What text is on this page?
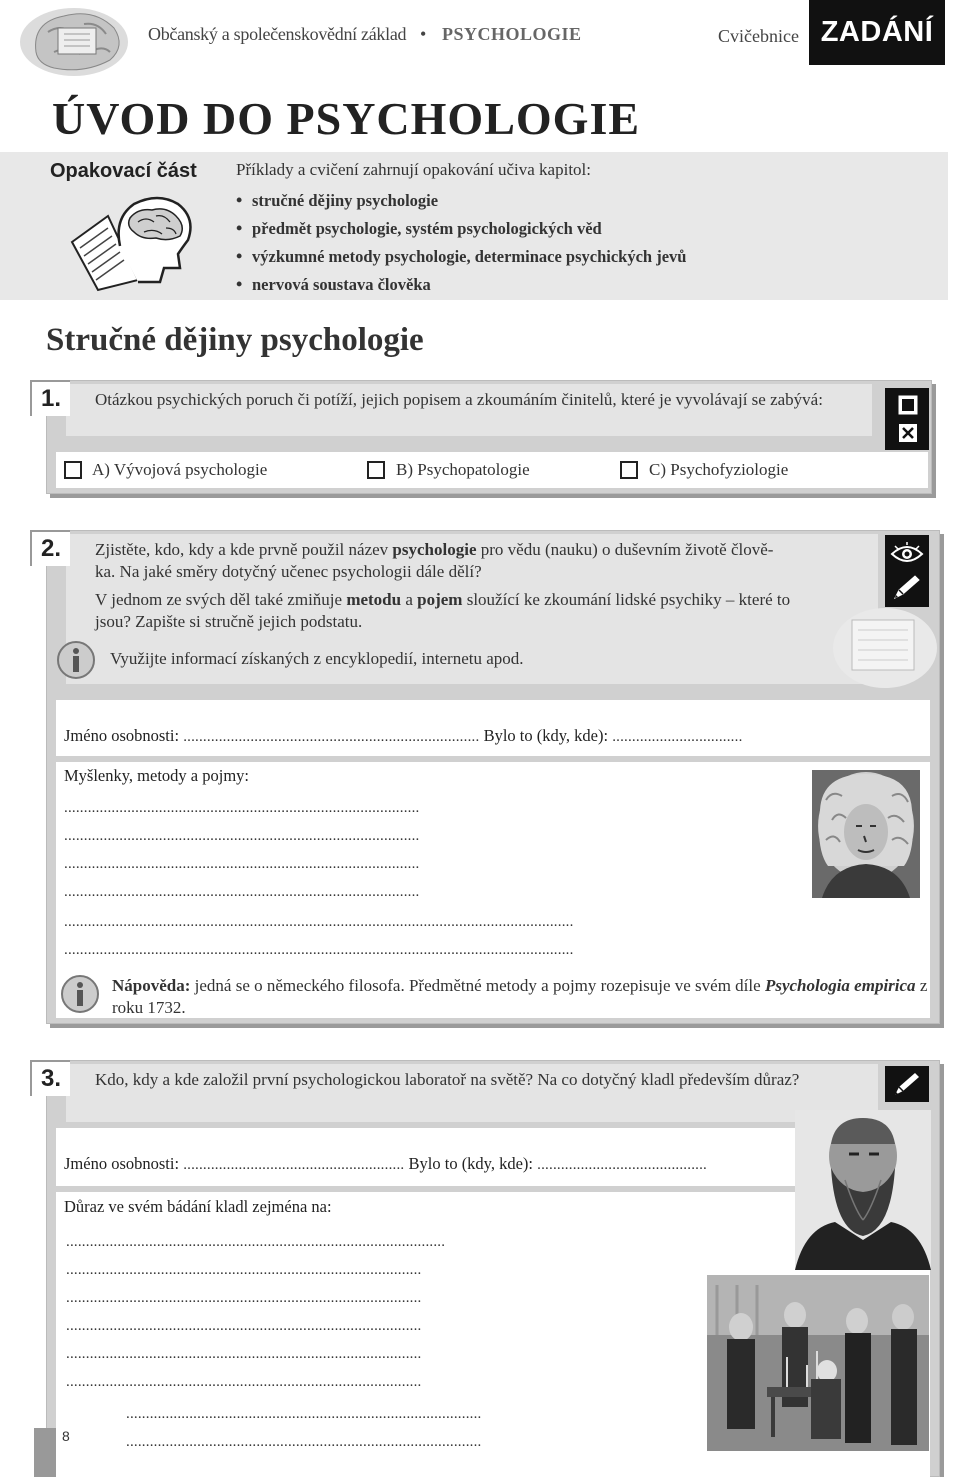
Občanský a společenskovědní základ • PSYCHOLOGIE	Cvičebnice ZADÁNÍ
ÚVOD DO PSYCHOLOGIE
Opakovací část Příklady a cvičení zahrnují opakování učiva kapitol:
• stručné dějiny psychologie
• předmět psychologie, systém psychologických věd
• výzkumné metody psychologie, determinace psychických jevů
• nervová soustava člověka
Stručné dějiny psychologie
1.	Otázkou psychických poruch či potíží, jejich popisem a zkoumáním činitelů, které je vyvolávají se zabývá:
A) Vývojová psychologie	B) Psychopatologie	C) Psychofyziologie
2.	Zjistěte, kdo, kdy a kde prvně použil název psychologie pro vědu (nauku) o duševním životě člově-
ka. Na jaké směry dotyčný učenec psychologii dále dělí?
V jednom ze svých děl také zmiňuje metodu a pojem sloužící ke zkoumání lidské psychiky – které to
jsou? Zapište si stručně jejich podstatu.
Využijte informací získaných z encyklopedií, internetu apod.
Jméno osobnosti: ........................................................................... Bylo to (kdy, kde): .................................
Myšlenky, metody a pojmy:
..........................................................................................
..........................................................................................
..........................................................................................
..........................................................................................
.................................................................................................................................
.................................................................................................................................
Nápověda: jedná se o německého filosofa. Předmětné metody a pojmy rozepisuje ve svém díle Psychologia empirica z roku 1732.
3.	Kdo, kdy a kde založil první psychologickou laboratoř na světě? Na co dotyčný kladl především důraz?
Jméno osobnosti: ........................................................ Bylo to (kdy, kde): ...........................................
Důraz ve svém bádání kladl zejména na:
................................................................................................
..........................................................................................
..........................................................................................
..........................................................................................
..........................................................................................
..........................................................................................
..........................................................................................
..........................................................................................
8
